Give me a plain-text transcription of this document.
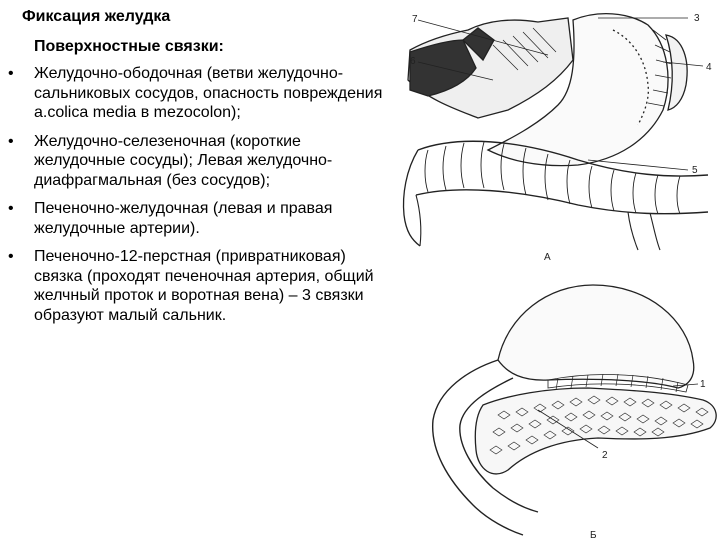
Фиксация желудка
Поверхностные связки:
• Желудочно-ободочная (ветви желудочно-сальниковых сосудов, опасность повреждения a.colica media в mezocolon);
• Желудочно-селезеночная (короткие желудочные сосуды); Левая желудочно-диафрагмальная (без сосудов);
• Печеночно-желудочная (левая и правая желудочные артерии).
• Печеночно-12-перстная (привратниковая) связка (проходят печеночная артерия, общий желчный проток и воротная вена) – 3 связки образуют малый сальник.
7
6
3
4
5
А
1
2
Б
